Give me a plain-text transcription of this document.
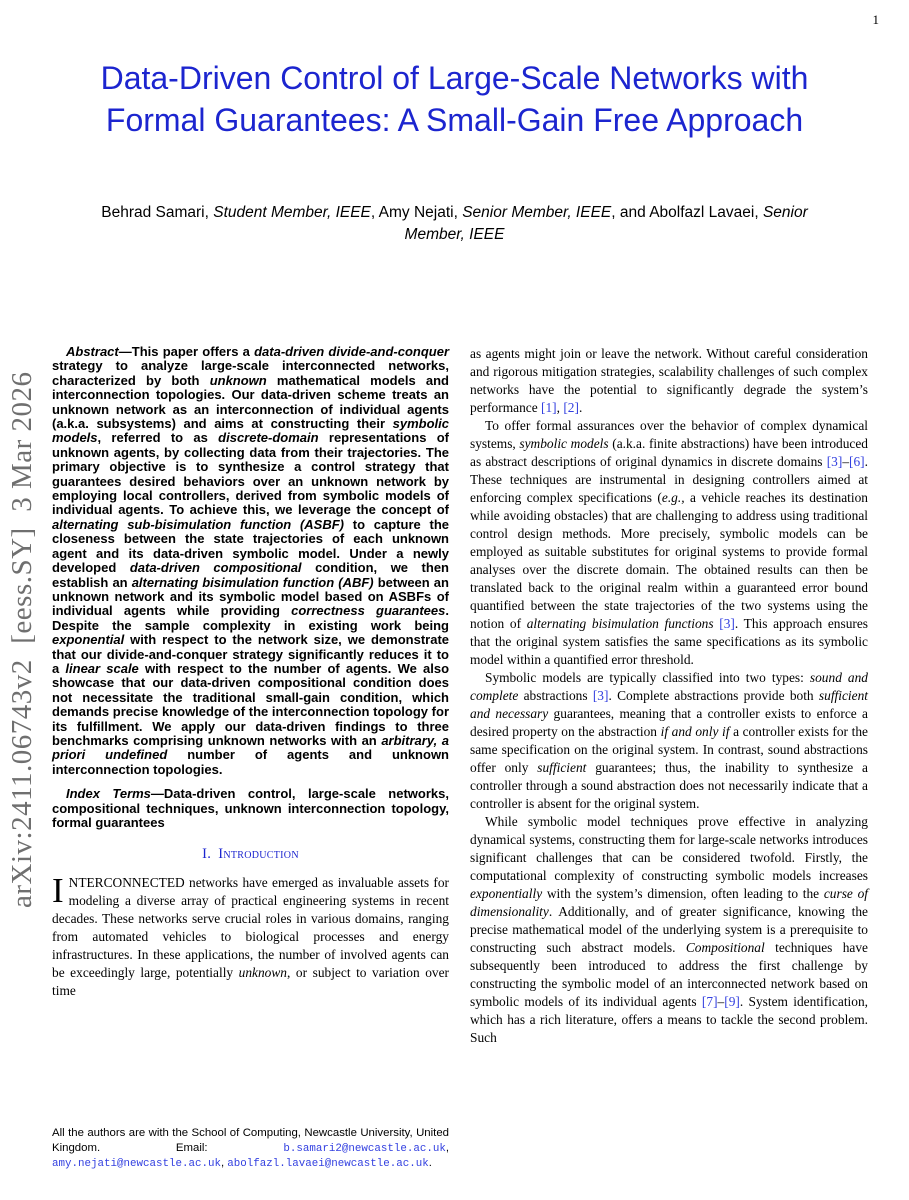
1
arXiv:2411.06743v2  [eess.SY]  3 Mar 2026
Data-Driven Control of Large-Scale Networks with Formal Guarantees: A Small-Gain Free Approach
Behrad Samari, Student Member, IEEE, Amy Nejati, Senior Member, IEEE, and Abolfazl Lavaei, Senior Member, IEEE

Abstract—This paper offers a data-driven divide-and-conquer strategy to analyze large-scale interconnected networks, characterized by both unknown mathematical models and interconnection topologies. Our data-driven scheme treats an unknown network as an interconnection of individual agents (a.k.a. subsystems) and aims at constructing their symbolic models, referred to as discrete-domain representations of unknown agents, by collecting data from their trajectories. The primary objective is to synthesize a control strategy that guarantees desired behaviors over an unknown network by employing local controllers, derived from symbolic models of individual agents. To achieve this, we leverage the concept of alternating sub-bisimulation function (ASBF) to capture the closeness between the state trajectories of each unknown agent and its data-driven symbolic model. Under a newly developed data-driven compositional condition, we then establish an alternating bisimulation function (ABF) between an unknown network and its symbolic model based on ASBFs of individual agents while providing correctness guarantees. Despite the sample complexity in existing work being exponential with respect to the network size, we demonstrate that our divide-and-conquer strategy significantly reduces it to a linear scale with respect to the number of agents. We also showcase that our data-driven compositional condition does not necessitate the traditional small-gain condition, which demands precise knowledge of the interconnection topology for its fulfillment. We apply our data-driven findings to three benchmarks comprising unknown networks with an arbitrary, a priori undefined number of agents and unknown interconnection topologies.

Index Terms—Data-driven control, large-scale networks, compositional techniques, unknown interconnection topology, formal guarantees

I. Introduction

INTERCONNECTED networks have emerged as invaluable assets for modeling a diverse array of practical engineering systems in recent decades. These networks serve crucial roles in various domains, ranging from automated vehicles to biological processes and energy infrastructures. In these applications, the number of involved agents can be exceedingly large, potentially unknown, or subject to variation over time

All the authors are with the School of Computing, Newcastle University, United Kingdom. Email: b.samari2@newcastle.ac.uk, amy.nejati@newcastle.ac.uk, abolfazl.lavaei@newcastle.ac.uk.

as agents might join or leave the network. Without careful consideration and rigorous mitigation strategies, scalability challenges of such complex networks have the potential to significantly degrade the system’s performance [1], [2].

To offer formal assurances over the behavior of complex dynamical systems, symbolic models (a.k.a. finite abstractions) have been introduced as abstract descriptions of original dynamics in discrete domains [3]–[6]. These techniques are instrumental in designing controllers aimed at enforcing complex specifications (e.g., a vehicle reaches its destination while avoiding obstacles) that are challenging to address using traditional control design methods. More precisely, symbolic models can be employed as suitable substitutes for original systems to provide formal analyses over the discrete domain. The obtained results can then be translated back to the original realm within a guaranteed error bound quantified between the state trajectories of the two systems using the notion of alternating bisimulation functions [3]. This approach ensures that the original system satisfies the same specifications as its symbolic model within a quantified error threshold.

Symbolic models are typically classified into two types: sound and complete abstractions [3]. Complete abstractions provide both sufficient and necessary guarantees, meaning that a controller exists to enforce a desired property on the abstraction if and only if a controller exists for the same specification on the original system. In contrast, sound abstractions offer only sufficient guarantees; thus, the inability to synthesize a controller through a sound abstraction does not necessarily indicate that a controller is absent for the original system.

While symbolic model techniques prove effective in analyzing dynamical systems, constructing them for large-scale networks introduces significant challenges that can be considered twofold. Firstly, the computational complexity of constructing symbolic models increases exponentially with the system’s dimension, often leading to the curse of dimensionality. Additionally, and of greater significance, knowing the precise mathematical model of the underlying system is a prerequisite to constructing such abstract models. Compositional techniques have subsequently been introduced to address the first challenge by constructing the symbolic model of an interconnected network based on symbolic models of its individual agents [7]–[9]. System identification, which has a rich literature, offers a means to tackle the second problem. Such
